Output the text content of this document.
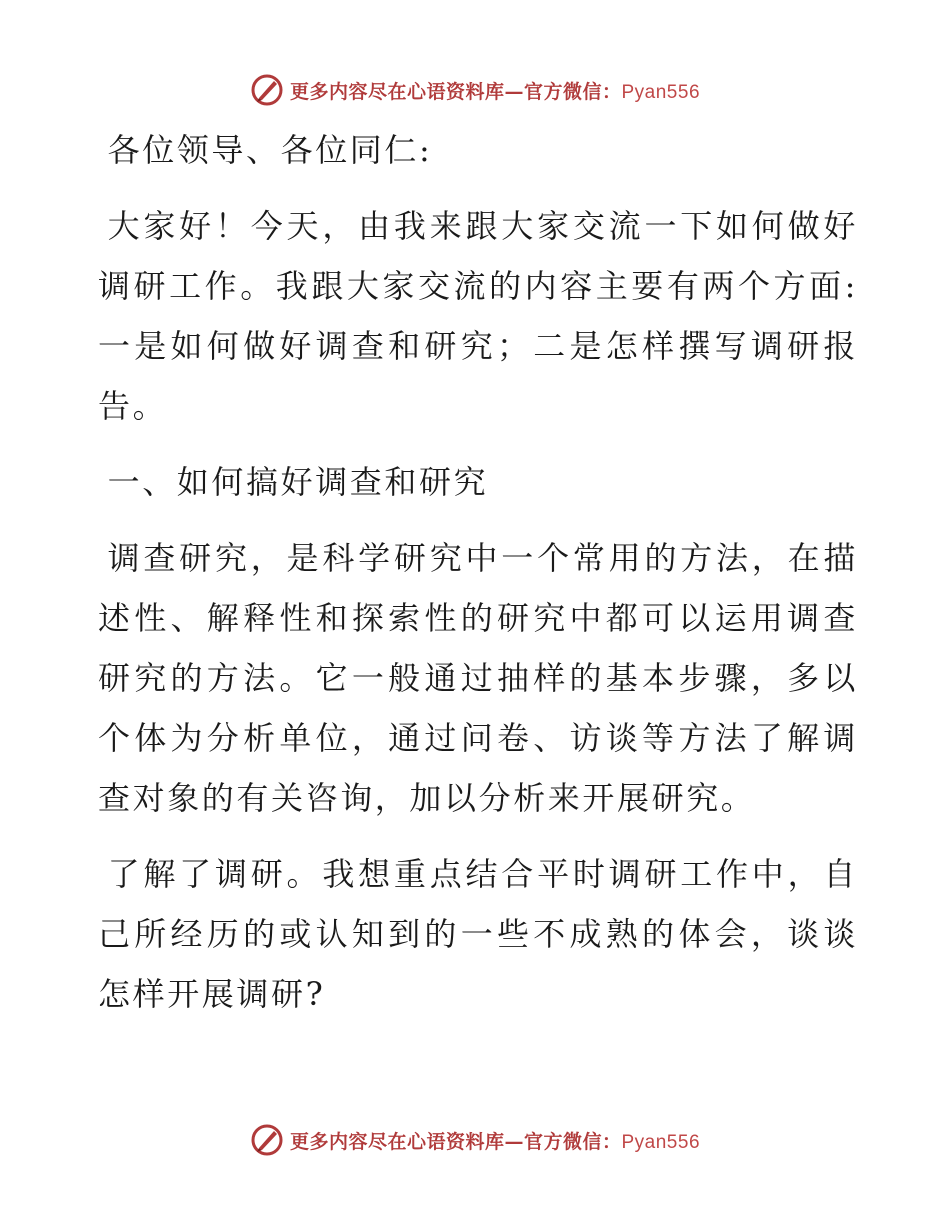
更多内容尽在心语资料库—官方微信：Pyan556

各位领导、各位同仁:

大家好！今天，由我来跟大家交流一下如何做好调研工作。我跟大家交流的内容主要有两个方面:一是如何做好调查和研究；二是怎样撰写调研报告。

一、如何搞好调查和研究

调查研究，是科学研究中一个常用的方法，在描述性、解释性和探索性的研究中都可以运用调查研究的方法。它一般通过抽样的基本步骤，多以个体为分析单位，通过问卷、访谈等方法了解调查对象的有关咨询，加以分析来开展研究。

了解了调研。我想重点结合平时调研工作中，自己所经历的或认知到的一些不成熟的体会，谈谈怎样开展调研?

更多内容尽在心语资料库—官方微信：Pyan556
